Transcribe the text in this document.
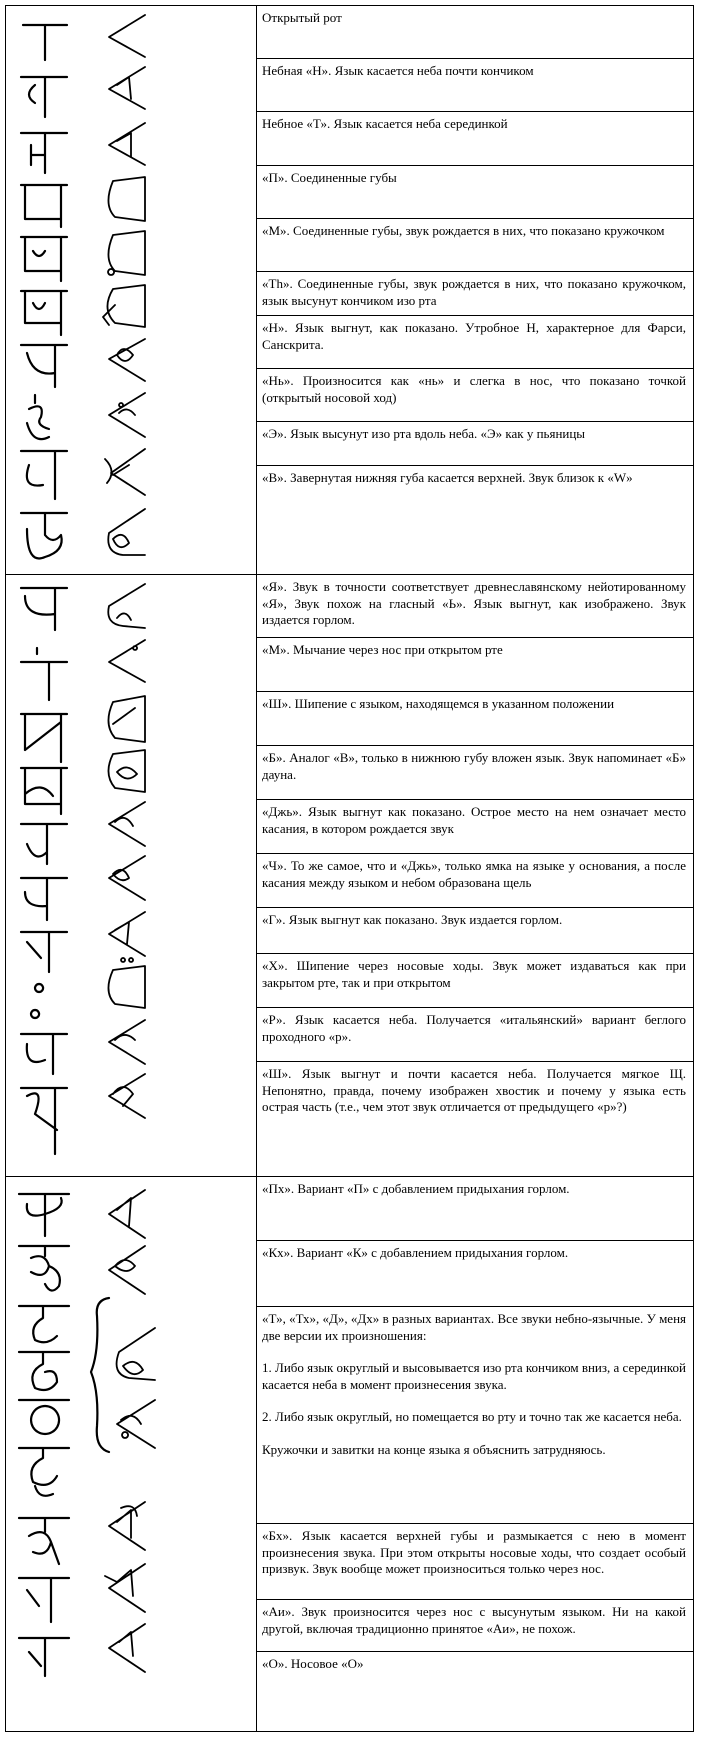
Открытый рот
Небная «Н». Язык касается неба почти кончиком
Небное «Т». Язык касается неба серединкой
«П». Соединенные губы
«М». Соединенные губы, звук рождается в них, что показано кружочком
«Th». Соединенные губы, звук рождается в них, что показано кружочком, язык высунут кончиком изо рта
«Н». Язык выгнут, как показано. Утробное Н, характерное для Фарси, Санскрита.
«Нь». Произносится как «нь» и слегка в нос, что показано точкой (открытый носовой ход)
«Э». Язык высунут изо рта вдоль неба. «Э» как у пьяницы
«В». Завернутая нижняя губа касается верхней. Звук близок к «W»
«Я». Звук в точности соответствует древнеславянскому нейотированному «Я», Звук похож на гласный «Ь». Язык выгнут, как изображено. Звук издается горлом.
«М». Мычание через нос при открытом рте
«Ш». Шипение с языком, находящемся в указанном положении
«Б». Аналог «В», только в нижнюю губу вложен язык. Звук напоминает «Б» дауна.
«Джь». Язык выгнут как показано. Острое место на нем означает место касания, в котором рождается звук
«Ч». То же самое, что и «Джь», только ямка на языке у основания, а после касания между языком и небом образована щель
«Г». Язык выгнут как показано. Звук издается горлом.
«Х». Шипение через носовые ходы. Звук может издаваться как при закрытом рте, так и при открытом
«Р». Язык касается неба. Получается «итальянский» вариант беглого проходного «р».
«Ш». Язык выгнут и почти касается неба. Получается мягкое Щ. Непонятно, правда, почему изображен хвостик и почему у языка есть острая часть (т.е., чем этот звук отличается от предыдущего «р»?)
«Пх». Вариант «П» с добавлением придыхания горлом.
«Кх». Вариант «К» с добавлением придыхания горлом.

«Т», «Тх», «Д», «Дх» в разных вариантах. Все звуки небно-язычные. У меня две версии их произношения:

1. Либо язык округлый и высовывается изо рта кончиком вниз, а серединкой касается неба в момент произнесения звука.

2. Либо язык округлый, но помещается во рту и точно так же касается неба.

Кружочки и завитки на конце языка я объяснить затрудняюсь.

«Бх». Язык касается верхней губы и размыкается с нею в момент произнесения звука. При этом открыты носовые ходы, что создает особый призвук. Звук вообще может произноситься только через нос.
«Аи». Звук произносится через нос с высунутым языком. Ни на какой другой, включая традиционно принятое «Аи», не похож.
«О». Носовое «О»
